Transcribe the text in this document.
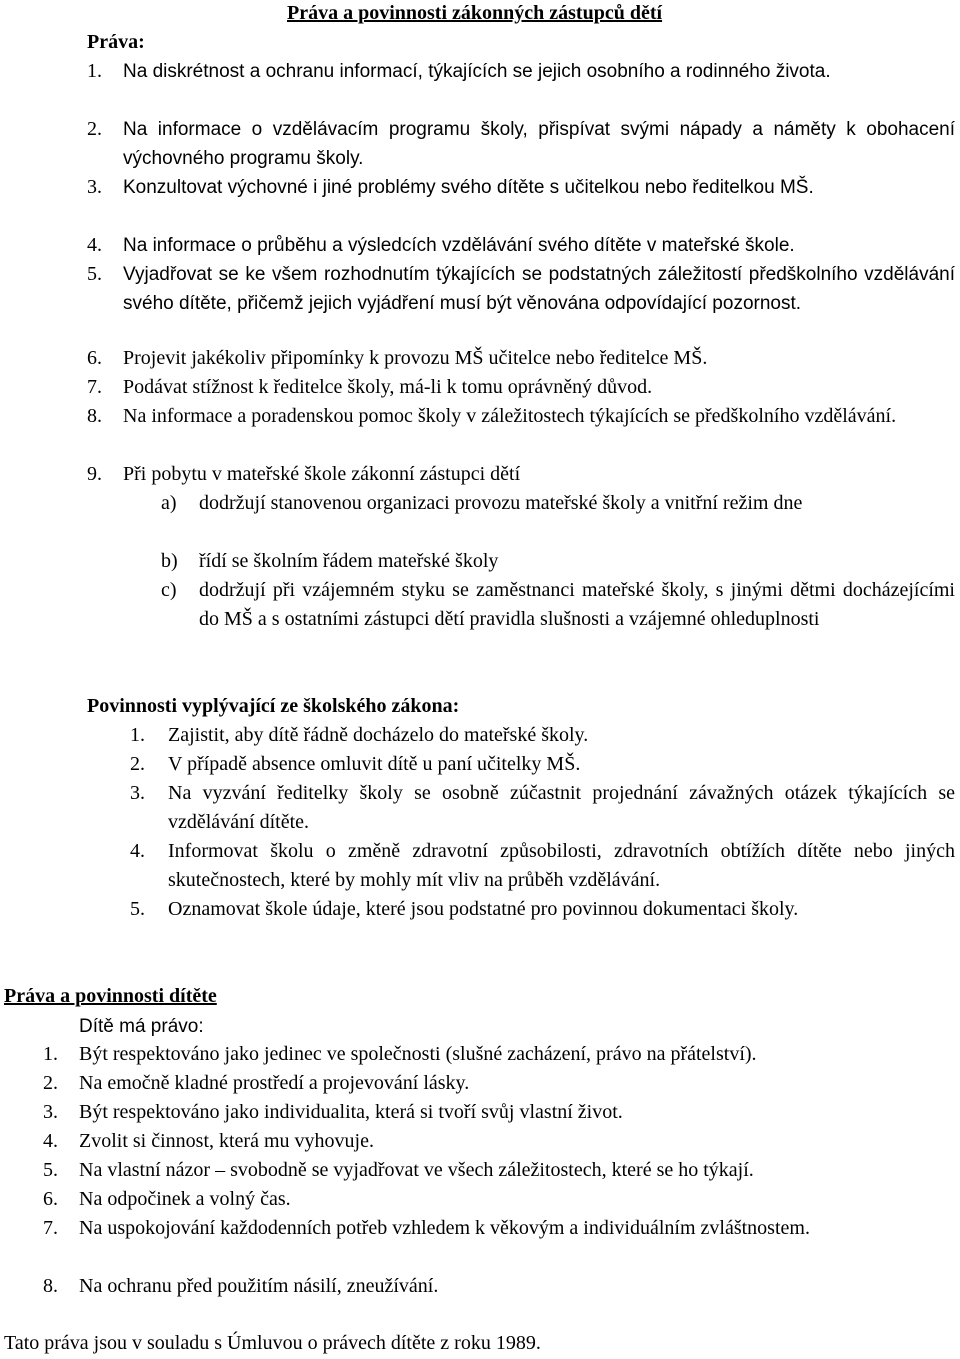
Práva a povinnosti zákonných zástupců dětí
Práva:
1. Na diskrétnost a ochranu informací, týkajících se jejich osobního a rodinného života.
2. Na informace o vzdělávacím programu školy, přispívat svými nápady a náměty k obohacení výchovného programu školy.
3. Konzultovat výchovné i jiné problémy svého dítěte s učitelkou nebo ředitelkou MŠ.
4. Na informace o průběhu a výsledcích vzdělávání svého dítěte v mateřské škole.
5. Vyjadřovat se ke všem rozhodnutím týkajících se podstatných záležitostí předškolního vzdělávání svého dítěte, přičemž jejich vyjádření musí být věnována odpovídající pozornost.
6. Projevit jakékoliv připomínky k provozu MŠ učitelce nebo ředitelce MŠ.
7. Podávat stížnost k ředitelce školy, má-li k tomu oprávněný důvod.
8. Na informace a poradenskou pomoc školy v záležitostech týkajících se předškolního vzdělávání.
9. Při pobytu v mateřské škole zákonní zástupci dětí
a) dodržují stanovenou organizaci provozu mateřské školy a vnitřní režim dne
b) řídí se školním řádem mateřské školy
c) dodržují při vzájemném styku se zaměstnanci mateřské školy, s jinými dětmi docházejícími do MŠ a s ostatními zástupci dětí pravidla slušnosti a vzájemné ohleduplnosti
Povinnosti vyplývající ze školského zákona:
1. Zajistit, aby dítě řádně docházelo do mateřské školy.
2. V případě absence omluvit dítě u paní učitelky MŠ.
3. Na vyzvání ředitelky školy se osobně zúčastnit projednání závažných otázek týkajících se vzdělávání dítěte.
4. Informovat školu o změně zdravotní způsobilosti, zdravotních obtížích dítěte nebo jiných skutečnostech, které by mohly mít vliv na průběh vzdělávání.
5. Oznamovat škole údaje, které jsou podstatné pro povinnou dokumentaci školy.
Práva a povinnosti dítěte
Dítě má právo:
1. Být respektováno jako jedinec ve společnosti (slušné zacházení, právo na přátelství).
2. Na emočně kladné prostředí a projevování lásky.
3. Být respektováno jako individualita, která si tvoří svůj vlastní život.
4. Zvolit si činnost, která mu vyhovuje.
5. Na vlastní názor – svobodně se vyjadřovat ve všech záležitostech, které se ho týkají.
6. Na odpočinek a volný čas.
7. Na uspokojování každodenních potřeb vzhledem k věkovým a individuálním zvláštnostem.
8. Na ochranu před použitím násilí, zneužívání.
Tato práva jsou v souladu s Úmluvou o právech dítěte z roku 1989.
